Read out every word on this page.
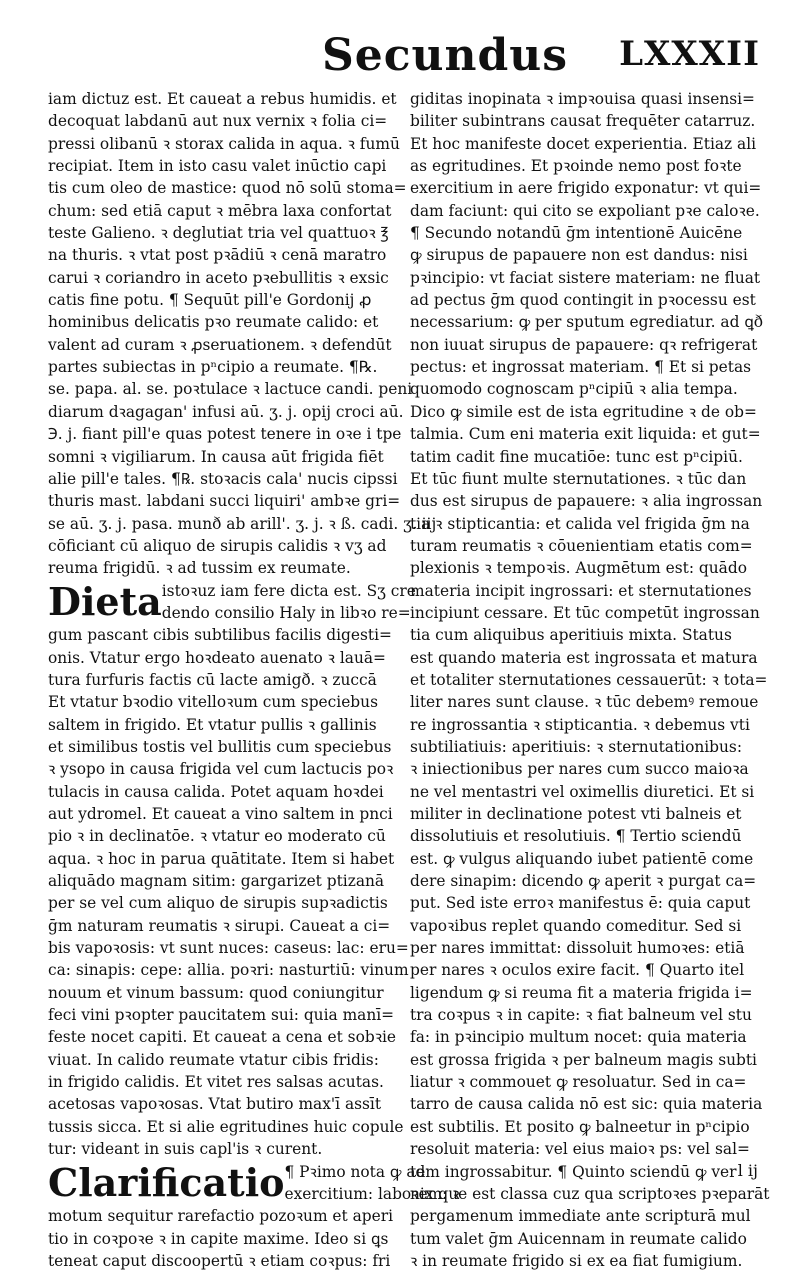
Secundus LXXXII
iam dictuz est. Et caueat a rebus humidis. et
decoquat labdanū aut nux vernix ꝛ folia ci=
pressi olibanū ꝛ storax calida in aqua. ꝛ fumū
recipiat. Item in isto casu valet inūctio capi
tis cum oleo de mastice: quod nō solū stoma=
chum: sed etiā caput ꝛ mēbra laxa confortat
teste Galieno. ꝛ deglutiat tria vel quattuoꝛ ℥
na thuris. ꝛ vtat post pꝛādiū ꝛ cenā maratro
carui ꝛ coriandro in aceto pꝛebullitis ꝛ exsic
catis fine potu. ¶ Sequūt pill'e Gordonij ꝓ
hominibus delicatis pꝛo reumate calido: et
valent ad curam ꝛ ꝓseruationem. ꝛ defendūt
partes subiectas in pⁿcipio a reumate. ¶℞.
se. papa. al. se. poꝛtulace ꝛ lactuce candi. peni
diarum dꝛagagan' infusi aū. ʒ. j. opij croci aū.
℈. j. fiant pill'e quas potest tenere in oꝛe i tpe
somni ꝛ vigiliarum. In causa aūt frigida fiēt
alie pill'e tales. ¶℞. stoꝛacis cala' nucis cipssi
thuris mast. labdani succi liquiri' ambꝛe gri=
se aū. ʒ. j. pasa. munð ab arill'. ʒ. j. ꝛ ß. cadi. ʒ. iij
cōficiant cū aliquo de sirupis calidis ꝛ vʒ ad
reuma frigidū. ꝛ ad tussim ex reumate.
Dieta istoꝛuz iam fere dicta est. Sʒ cre
dendo consilio Haly in libꝛo re=
gum pascant cibis subtilibus facilis digesti=
onis. Vtatur ergo hoꝛdeato auenato ꝛ lauā=
tura furfuris factis cū lacte amigð. ꝛ zuccā
Et vtatur bꝛodio vitelloꝛum cum speciebus
saltem in frigido. Et vtatur pullis ꝛ gallinis
et similibus tostis vel bullitis cum speciebus
ꝛ ysopo in causa frigida vel cum lactucis poꝛ
tulacis in causa calida. Potet aquam hoꝛdei
aut ydromel. Et caueat a vino saltem in pnci
pio ꝛ in declinatōe. ꝛ vtatur eo moderato cū
aqua. ꝛ hoc in parua quātitate. Item si habet
aliquādo magnam sitim: gargarizet ptizanā
per se vel cum aliquo de sirupis supꝛadictis
ḡm naturam reumatis ꝛ sirupi. Caueat a ci=
bis vapoꝛosis: vt sunt nuces: caseus: lac: eru=
ca: sinapis: cepe: allia. poꝛri: nasturtiū: vinum
nouum et vinum bassum: quod coniungitur
feci vini pꝛopter paucitatem sui: quia manī=
feste nocet capiti. Et caueat a cena et sobꝛie
viuat. In calido reumate vtatur cibis fridis:
in frigido calidis. Et vitet res salsas acutas.
acetosas vapoꝛosas. Vtat butiro max'ī assīt
tussis sicca. Et si alie egritudines huic copule
tur: videant in suis capl'is ꝛ curent.
Clarificatio ¶ Pꝛimo nota ꝙ ad
exercitium: laboꝛem: ꝛ
motum sequitur rarefactio pozoꝛum et aperi
tio in coꝛpoꝛe ꝛ in capite maxime. Ideo si ꝗs
teneat caput discoopertū ꝛ etiam coꝛpus: fri
giditas inopinata ꝛ impꝛouisa quasi insensi=
biliter subintrans causat frequēter catarruz.
Et hoc manifeste docet experientia. Etiaz ali
as egritudines. Et pꝛoinde nemo post foꝛte
exercitium in aere frigido exponatur: vt qui=
dam faciunt: qui cito se expoliant pꝛe caloꝛe.
¶ Secundo notandū ḡm intentionē Auicēne
ꝙ sirupus de papauere non est dandus: nisi
pꝛincipio: vt faciat sistere materiam: ne fluat
ad pectus ḡm quod contingit in pꝛocessu est
necessarium: ꝙ per sputum egrediatur. ad ꝗð
non iuuat sirupus de papauere: qꝛ refrigerat
pectus: et ingrossat materiam. ¶ Et si petas
quomodo cognoscam pⁿcipiū ꝛ alia tempa.
Dico ꝙ simile est de ista egritudine ꝛ de ob=
talmia. Cum eni materia exit liquida: et gut=
tatim cadit fine mucatiōe: tunc est pⁿcipiū.
Et tūc fiunt multe sternutationes. ꝛ tūc dan
dus est sirupus de papauere: ꝛ alia ingrossan
tia ꝛ stipticantia: et calida vel frigida ḡm na
turam reumatis ꝛ cōuenientiam etatis com=
plexionis ꝛ tempoꝛis. Augmētum est: quādo
materia incipit ingrossari: et sternutationes
incipiunt cessare. Et tūc competūt ingrossan
tia cum aliquibus aperitiuis mixta. Status
est quando materia est ingrossata et matura
et totaliter sternutationes cessauerūt: ꝛ tota=
liter nares sunt clause. ꝛ tūc debemꝰ remoue
re ingrossantia ꝛ stipticantia. ꝛ debemus vti
subtiliatiuis: aperitiuis: ꝛ sternutationibus:
ꝛ iniectionibus per nares cum succo maioꝛa
ne vel mentastri vel oximellis diuretici. Et si
militer in declinatione potest vti balneis et
dissolutiuis et resolutiuis. ¶ Tertio sciendū
est. ꝙ vulgus aliquando iubet patientē come
dere sinapim: dicendo ꝙ aperit ꝛ purgat ca=
put. Sed iste erroꝛ manifestus ē: quia caput
vapoꝛibus replet quando comeditur. Sed si
per nares immittat: dissoluit humoꝛes: etiā
per nares ꝛ oculos exire facit. ¶ Quarto itel
ligendum ꝙ si reuma fit a materia frigida i=
tra coꝛpus ꝛ in capite: ꝛ fiat balneum vel stu
fa: in pꝛincipio multum nocet: quia materia
est grossa frigida ꝛ per balneum magis subti
liatur ꝛ commouet ꝙ resoluatur. Sed in ca=
tarro de causa calida nō est sic: quia materia
est subtilis. Et posito ꝙ balneetur in pⁿcipio
resoluit materia: vel eius maioꝛ ps: vel sal=
tem ingrossabitur. ¶ Quinto sciendū ꝙ ver
nix que est classa cuz qua scriptoꝛes pꝛeparāt
pergamenum immediate ante scripturā mul
tum valet ḡm Auicennam in reumate calido
ꝛ in reumate frigido si ex ea fiat fumigium.
l ij
